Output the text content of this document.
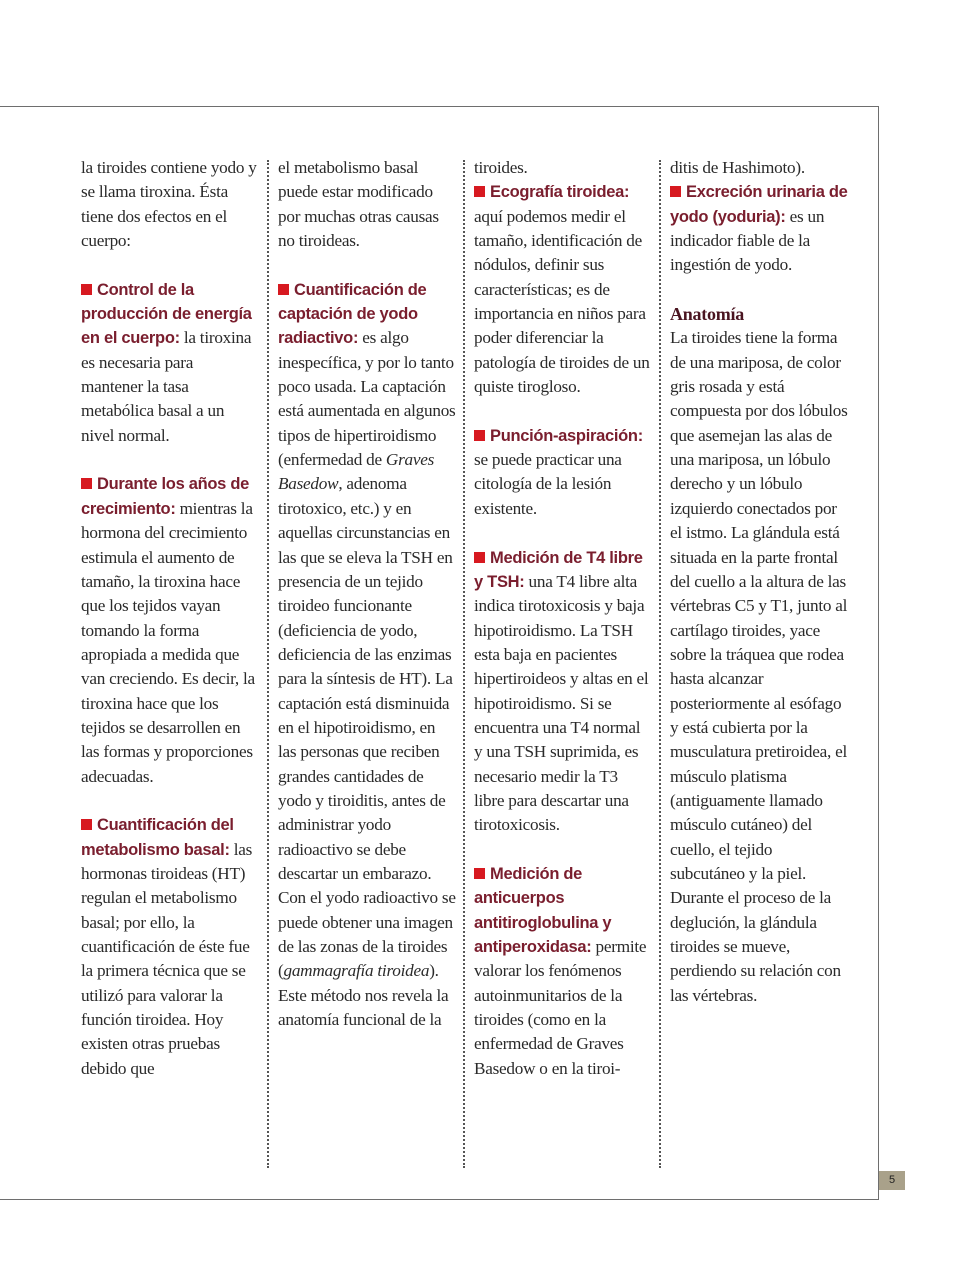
la tiroides contiene yodo y se llama tiroxina. Ésta tiene dos efectos en el cuerpo:

Control de la producción de energía en el cuerpo: la tiroxina es necesaria para mantener la tasa metabólica basal a un nivel normal.

Durante los años de crecimiento: mientras la hormona del crecimiento estimula el aumento de tamaño, la tiroxina hace que los tejidos vayan tomando la forma apropiada a medida que van creciendo. Es decir, la tiroxina hace que los tejidos se desarrollen en las formas y proporciones adecuadas.

Cuantificación del metabolismo basal: las hormonas tiroideas (HT) regulan el metabolismo basal; por ello, la cuantificación de éste fue la primera técnica que se utilizó para valorar la función tiroidea. Hoy existen otras pruebas debido que

el metabolismo basal puede estar modificado por muchas otras causas no tiroideas.

Cuantificación de captación de yodo radiactivo: es algo inespecífica, y por lo tanto poco usada. La captación está aumentada en algunos tipos de hipertiroidismo (enfermedad de Graves Basedow, adenoma tirotoxico, etc.) y en aquellas circunstancias en las que se eleva la TSH en presencia de un tejido tiroideo funcionante (deficiencia de yodo, deficiencia de las enzimas para la síntesis de HT). La captación está disminuida en el hipotiroidismo, en las personas que reciben grandes cantidades de yodo y tiroiditis, antes de administrar yodo radioactivo se debe descartar un embarazo. Con el yodo radioactivo se puede obtener una imagen de las zonas de la tiroides (gammagrafía tiroidea). Este método nos revela la anatomía funcional de la

tiroides.

Ecografía tiroidea: aquí podemos medir el tamaño, identificación de nódulos, definir sus características; es de importancia en niños para poder diferenciar la patología de tiroides de un quiste tirogloso.

Punción-aspiración: se puede practicar una citología de la lesión existente.

Medición de T4 libre y TSH: una T4 libre alta indica tirotoxicosis y baja hipotiroidismo. La TSH esta baja en pacientes hipertiroideos y altas en el hipotiroidismo. Si se encuentra una T4 normal y una TSH suprimida, es necesario medir la T3 libre para descartar una tirotoxicosis.

Medición de anticuerpos antitiroglobulina y antiperoxidasa: permite valorar los fenómenos autoinmunitarios de la tiroides (como en la enfermedad de Graves Basedow o en la tiroi-

ditis de Hashimoto).

Excreción urinaria de yodo (yoduria): es un indicador fiable de la ingestión de yodo.

Anatomía
La tiroides tiene la forma de una mariposa, de color gris rosada y está compuesta por dos lóbulos que asemejan las alas de una mariposa, un lóbulo derecho y un lóbulo izquierdo conectados por el istmo. La glándula está situada en la parte frontal del cuello a la altura de las vértebras C5 y T1, junto al cartílago tiroides, yace sobre la tráquea que rodea hasta alcanzar posteriormente al esófago y está cubierta por la musculatura pretiroidea, el músculo platisma (antiguamente llamado músculo cutáneo) del cuello, el tejido subcutáneo y la piel. Durante el proceso de la deglución, la glándula tiroides se mueve, perdiendo su relación con las vértebras.

5
